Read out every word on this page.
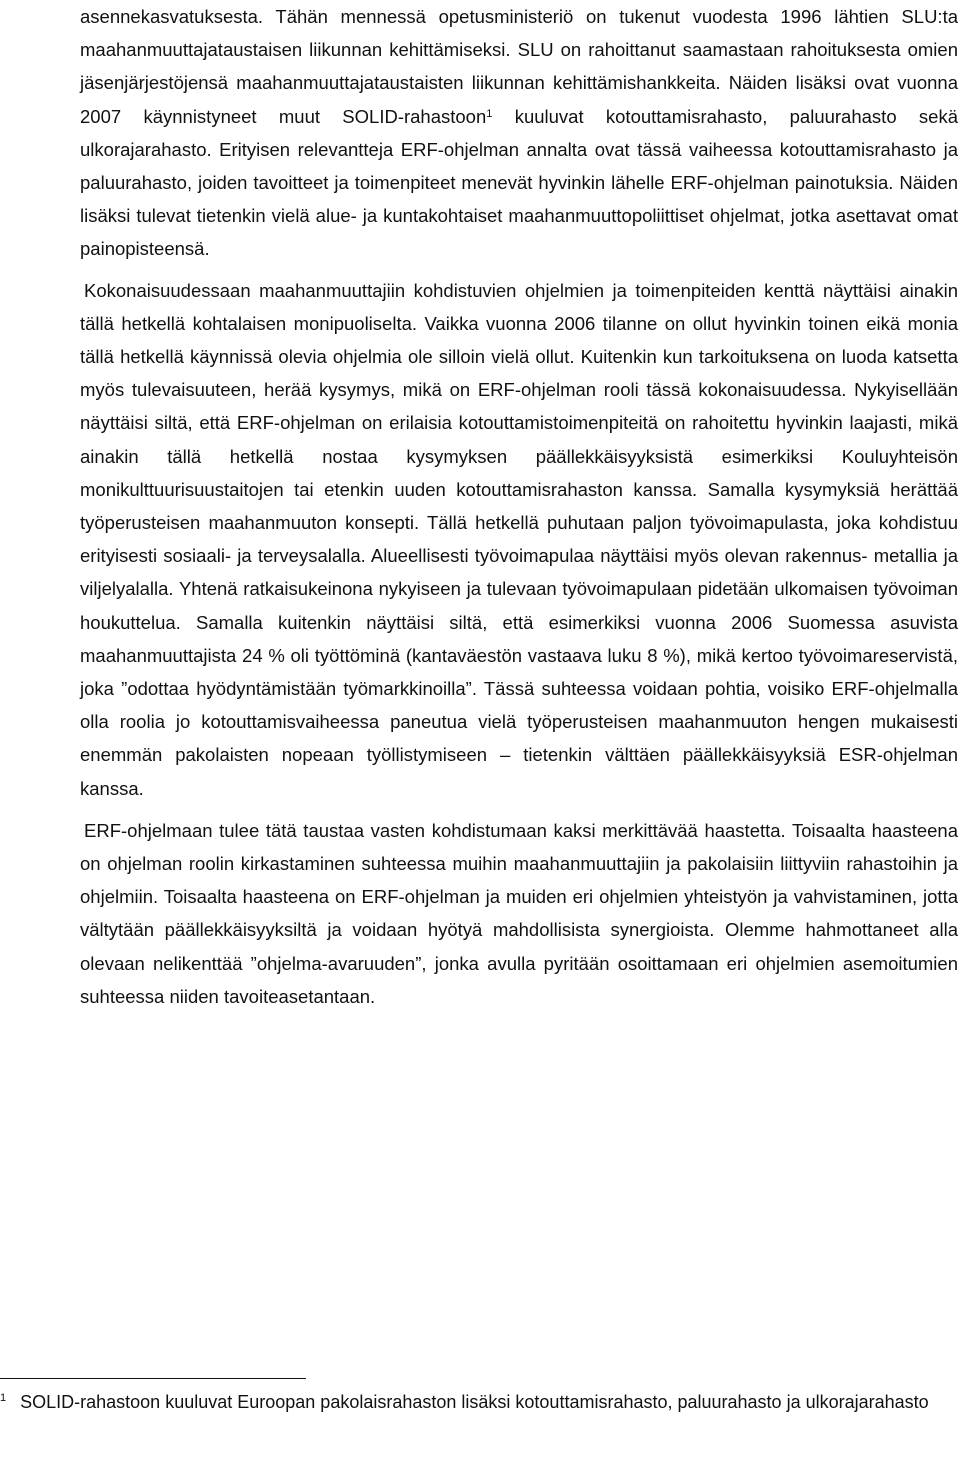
asennekasvatuksesta. Tähän mennessä opetusministeriö on tukenut vuodesta 1996 lähtien SLU:ta maahanmuuttajataustaisen liikunnan kehittämiseksi. SLU on rahoittanut saamastaan rahoituksesta omien jäsenjärjestöjensä maahanmuuttajataustaisten liikunnan kehittämishankkeita. Näiden lisäksi ovat vuonna 2007 käynnistyneet muut SOLID-rahastoon$^1$ kuuluvat kotouttamisrahasto, paluurahasto sekä ulkorajarahasto. Erityisen relevantteja ERF-ohjelman annalta ovat tässä vaiheessa kotouttamisrahasto ja paluurahasto, joiden tavoitteet ja toimenpiteet menevät hyvinkin lähelle ERF-ohjelman painotuksia. Näiden lisäksi tulevat tietenkin vielä alue- ja kuntakohtaiset maahanmuuttopoliittiset ohjelmat, jotka asettavat omat painopisteensä.

Kokonaisuudessaan maahanmuuttajiin kohdistuvien ohjelmien ja toimenpiteiden kenttä näyttäisi ainakin tällä hetkellä kohtalaisen monipuoliselta. Vaikka vuonna 2006 tilanne on ollut hyvinkin toinen eikä monia tällä hetkellä käynnissä olevia ohjelmia ole silloin vielä ollut. Kuitenkin kun tarkoituksena on luoda katsetta myös tulevaisuuteen, herää kysymys, mikä on ERF-ohjelman rooli tässä kokonaisuudessa. Nykyisellään näyttäisi siltä, että ERF-ohjelman on erilaisia kotouttamistoimenpiteitä on rahoitettu hyvinkin laajasti, mikä ainakin tällä hetkellä nostaa kysymyksen päällekkäisyyksistä esimerkiksi Kouluyhteisön monikulttuurisuustaitojen tai etenkin uuden kotouttamisrahaston kanssa. Samalla kysymyksiä herättää työperusteisen maahanmuuton konsepti. Tällä hetkellä puhutaan paljon työvoimapulasta, joka kohdistuu erityisesti sosiaali- ja terveysalalla. Alueellisesti työvoimapulaa näyttäisi myös olevan rakennus- metallia ja viljelyalalla. Yhtenä ratkaisukeinona nykyiseen ja tulevaan työvoimapulaan pidetään ulkomaisen työvoiman houkuttelua. Samalla kuitenkin näyttäisi siltä, että esimerkiksi vuonna 2006 Suomessa asuvista maahanmuuttajista 24 % oli työttöminä (kantaväestön vastaava luku 8 %), mikä kertoo työvoimareservistä, joka ”odottaa hyödyntämistään työmarkkinoilla”. Tässä suhteessa voidaan pohtia, voisiko ERF-ohjelmalla olla roolia jo kotouttamisvaiheessa paneutua vielä työperusteisen maahanmuuton hengen mukaisesti enemmän pakolaisten nopeaan työllistymiseen – tietenkin välttäen päällekkäisyyksiä ESR-ohjelman kanssa.

ERF-ohjelmaan tulee tätä taustaa vasten kohdistumaan kaksi merkittävää haastetta. Toisaalta haasteena on ohjelman roolin kirkastaminen suhteessa muihin maahanmuuttajiin ja pakolaisiin liittyviin rahastoihin ja ohjelmiin. Toisaalta haasteena on ERF-ohjelman ja muiden eri ohjelmien yhteistyön ja vahvistaminen, jotta vältytään päällekkäisyyksiltä ja voidaan hyötyä mahdollisista synergioista. Olemme hahmottaneet alla olevaan nelikenttää ”ohjelma-avaruuden”, jonka avulla pyritään osoittamaan eri ohjelmien asemoitumien suhteessa niiden tavoiteasetantaan.

$^1$ SOLID-rahastoon kuuluvat Euroopan pakolaisrahaston lisäksi kotouttamisrahasto, paluurahasto ja ulkorajarahasto
